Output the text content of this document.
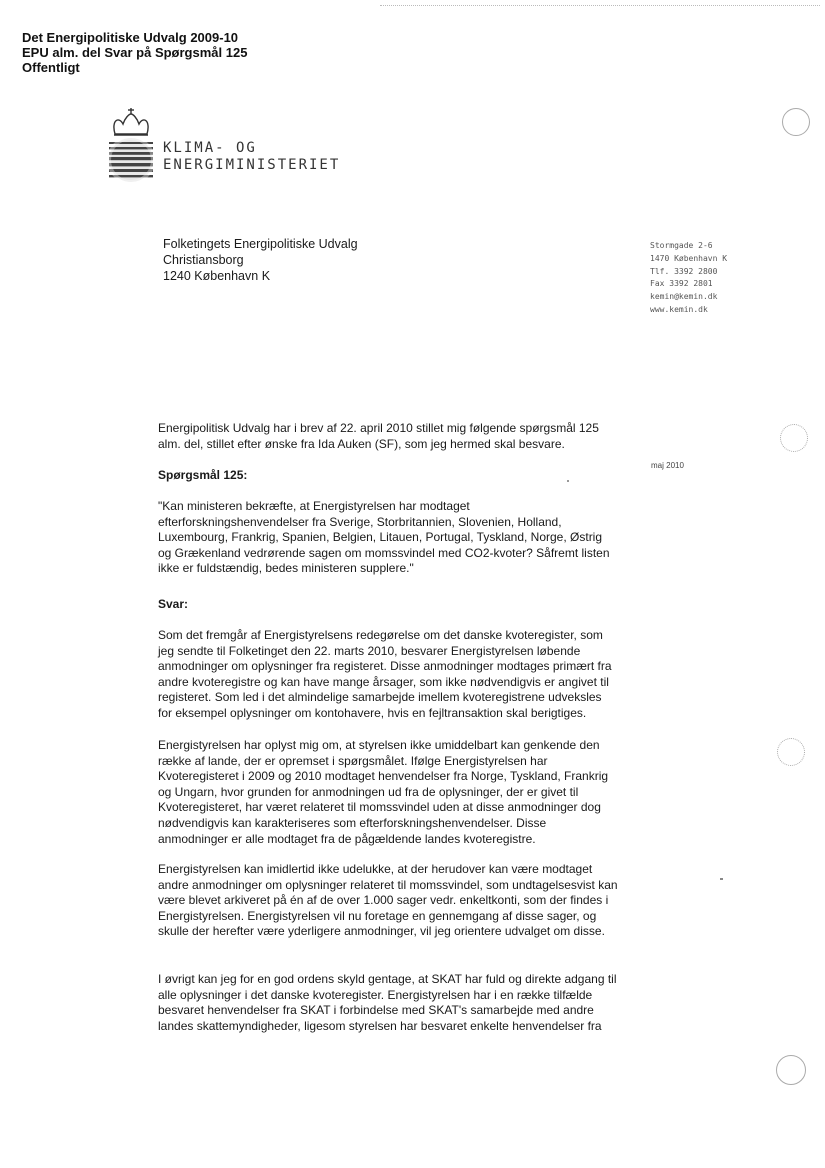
Det Energipolitiske Udvalg 2009-10
EPU alm. del Svar på Spørgsmål 125
Offentligt
KLIMA- OG
ENERGIMINISTERIET
Folketingets Energipolitiske Udvalg
Christiansborg
1240 København K
Stormgade 2-6
1470 København K
Tlf. 3392 2800
Fax 3392 2801
kemin@kemin.dk
www.kemin.dk
maj 2010

Energipolitisk Udvalg har i brev af 22. april 2010 stillet mig følgende spørgsmål 125 alm. del, stillet efter ønske fra Ida Auken (SF), som jeg hermed skal besvare.

Spørgsmål 125:

"Kan ministeren bekræfte, at Energistyrelsen har modtaget efterforskningshenvendelser fra Sverige, Storbritannien, Slovenien, Holland, Luxembourg, Frankrig, Spanien, Belgien, Litauen, Portugal, Tyskland, Norge, Østrig og Grækenland vedrørende sagen om momssvindel med CO2-kvoter? Såfremt listen ikke er fuldstændig, bedes ministeren supplere."

Svar:

Som det fremgår af Energistyrelsens redegørelse om det danske kvoteregister, som jeg sendte til Folketinget den 22. marts 2010, besvarer Energistyrelsen løbende anmodninger om oplysninger fra registeret. Disse anmodninger modtages primært fra andre kvoteregistre og kan have mange årsager, som ikke nødvendigvis er angivet til registeret. Som led i det almindelige samarbejde imellem kvoteregistrene udveksles for eksempel oplysninger om kontohavere, hvis en fejltransaktion skal berigtiges.

Energistyrelsen har oplyst mig om, at styrelsen ikke umiddelbart kan genkende den række af lande, der er opremset i spørgsmålet. Ifølge Energistyrelsen har Kvoteregisteret i 2009 og 2010 modtaget henvendelser fra Norge, Tyskland, Frankrig og Ungarn, hvor grunden for anmodningen ud fra de oplysninger, der er givet til Kvoteregisteret, har været relateret til momssvindel uden at disse anmodninger dog nødvendigvis kan karakteriseres som efterforskningshenvendelser. Disse anmodninger er alle modtaget fra de pågældende landes kvoteregistre.

Energistyrelsen kan imidlertid ikke udelukke, at der herudover kan være modtaget andre anmodninger om oplysninger relateret til momssvindel, som undtagelsesvist kan være blevet arkiveret på én af de over 1.000 sager vedr. enkeltkonti, som der findes i Energistyrelsen. Energistyrelsen vil nu foretage en gennemgang af disse sager, og skulle der herefter være yderligere anmodninger, vil jeg orientere udvalget om disse.

I øvrigt kan jeg for en god ordens skyld gentage, at SKAT har fuld og direkte adgang til alle oplysninger i det danske kvoteregister. Energistyrelsen har i en række tilfælde besvaret henvendelser fra SKAT i forbindelse med SKAT's samarbejde med andre landes skattemyndigheder, ligesom styrelsen har besvaret enkelte henvendelser fra
